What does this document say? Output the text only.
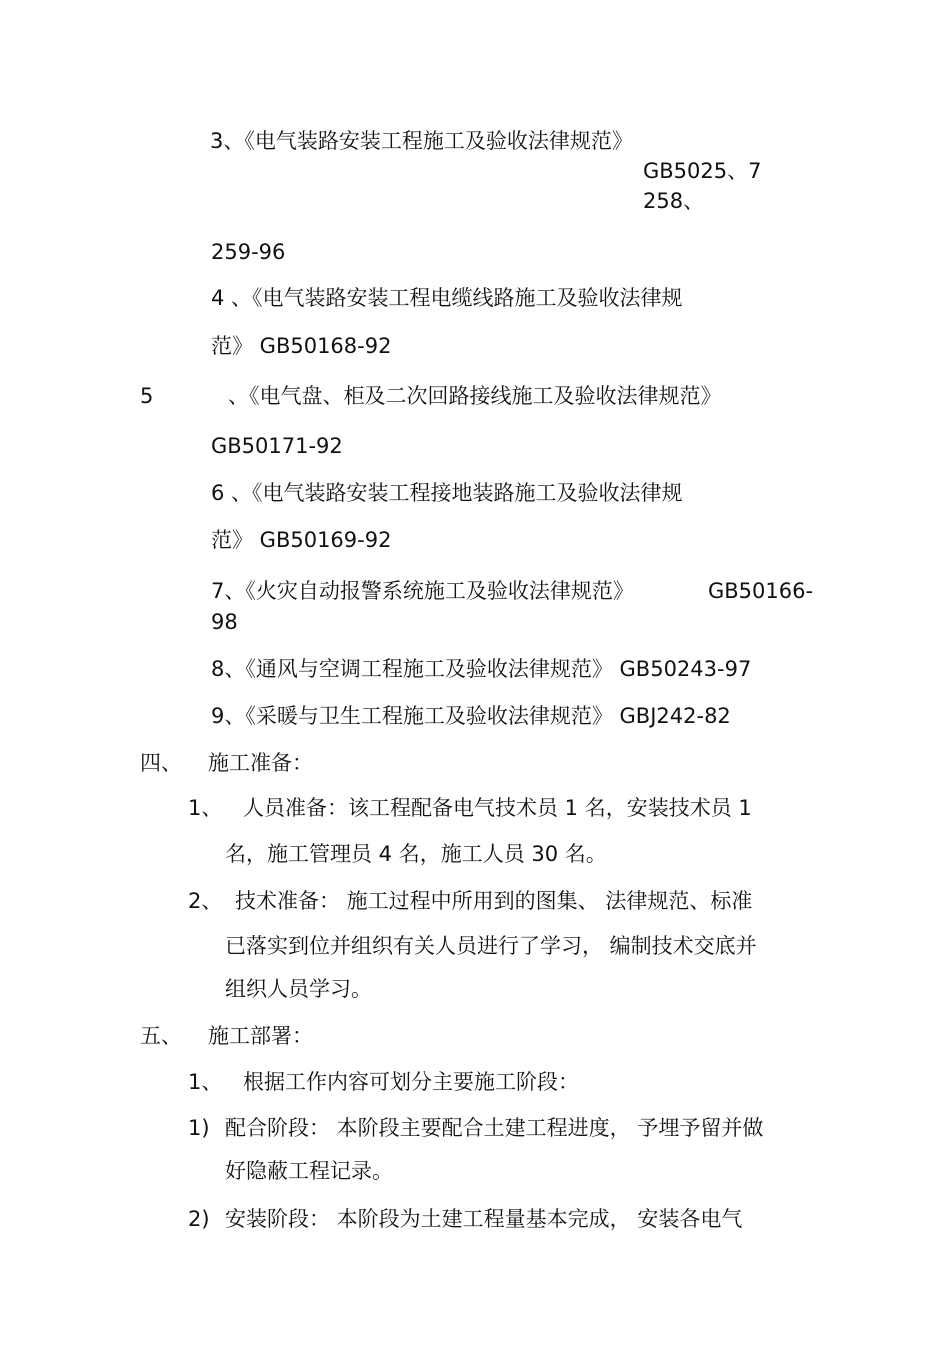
3、《电气装路安装工程施工及验收法律规范》
GB5025、7
258、
259-96
4 、《电气装路安装工程电缆线路施工及验收法律规
范》 GB50168-92
5	、《电气盘、柜及二次回路接线施工及验收法律规范》
GB50171-92
6 、《电气装路安装工程接地装路施工及验收法律规
范》 GB50169-92
7、《火灾自动报警系统施工及验收法律规范》	GB50166-
98
8、《通风与空调工程施工及验收法律规范》 GB50243-97
9、《采暖与卫生工程施工及验收法律规范》 GBJ242-82
四、 施工准备：
1、 人员准备：该工程配备电气技术员 1 名，安装技术员 1
名，施工管理员 4 名，施工人员 30 名。
2、 技术准备： 施工过程中所用到的图集、 法律规范、标准
已落实到位并组织有关人员进行了学习， 编制技术交底并
组织人员学习。
五、 施工部署：
1、 根据工作内容可划分主要施工阶段：
1) 配合阶段： 本阶段主要配合土建工程进度， 予埋予留并做
好隐蔽工程记录。
2) 安装阶段： 本阶段为土建工程量基本完成， 安装各电气
